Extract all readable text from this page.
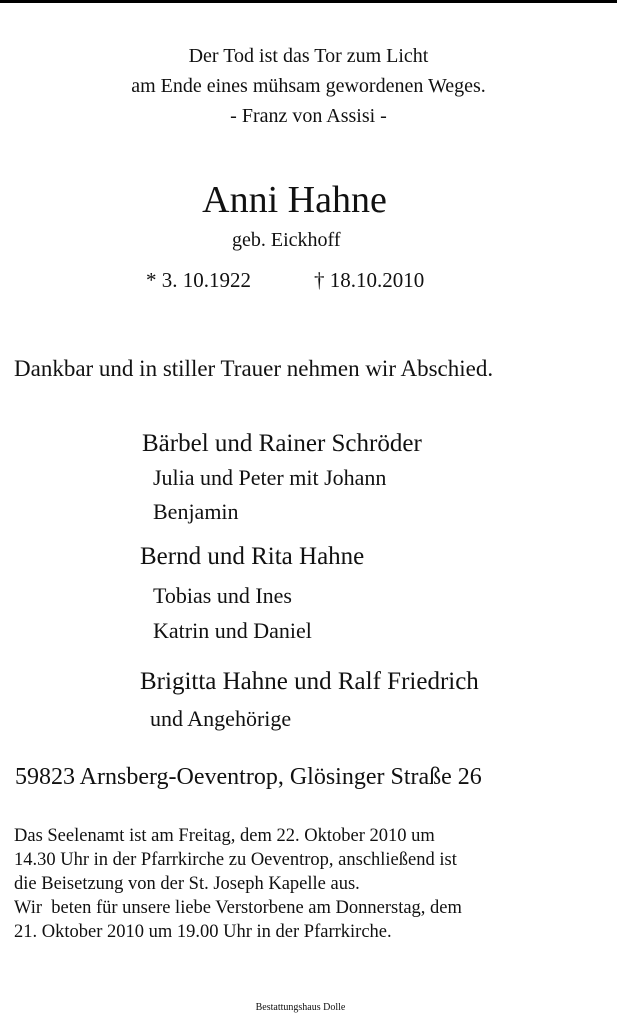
Der Tod ist das Tor zum Licht
am Ende eines mühsam gewordenen Weges.
- Franz von Assisi -
Anni Hahne
geb. Eickhoff
* 3. 10.1922	† 18.10.2010
Dankbar und in stiller Trauer nehmen wir Abschied.
Bärbel und Rainer Schröder
Julia und Peter mit Johann
Benjamin
Bernd und Rita Hahne
Tobias und Ines
Katrin und Daniel
Brigitta Hahne und Ralf Friedrich
und Angehörige
59823 Arnsberg-Oeventrop, Glösinger Straße 26
Das Seelenamt ist am Freitag, dem 22. Oktober 2010 um
14.30 Uhr in der Pfarrkirche zu Oeventrop, anschließend ist
die Beisetzung von der St. Joseph Kapelle aus.
Wir  beten für unsere liebe Verstorbene am Donnerstag, dem
21. Oktober 2010 um 19.00 Uhr in der Pfarrkirche.
Bestattungshaus Dolle
